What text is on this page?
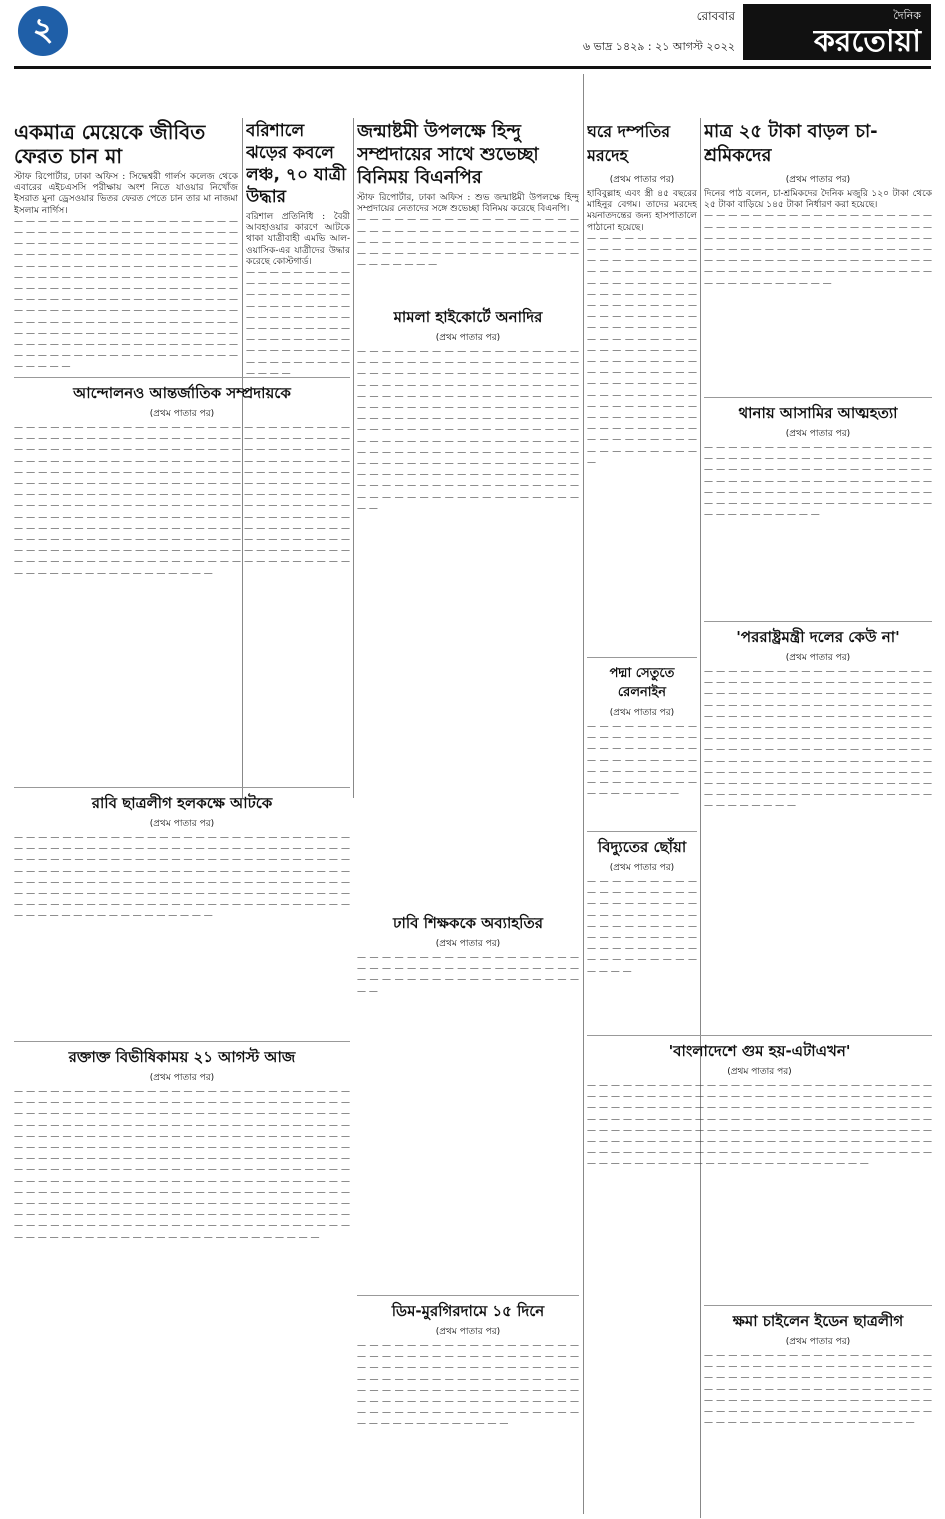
২	রোববার
৬ ভাদ্র ১৪২৯ : ২১ আগস্ট ২০২২
দৈনিক
করতোয়া
একমাত্র মেয়েকে জীবিত ফেরত চান মা

স্টাফ রিপোর্টার, ঢাকা অফিস : সিদ্ধেশ্বরী গার্লস কলেজ থেকে এবারের এইচএসসি পরীক্ষায় অংশ নিতে যাওয়ার নিখোঁজ ইসরাত মুনা ড্রেসওয়ার ভিতর ফেরত পেতে চান তার মা নাজমা ইসলাম নার্গিস।

— — — — — — — — — — — — — — — — — — — — — — — — — — — — — — — — — — — — — — — — — — — — — — — — — — — — — — — — — — — — — — — — — — — — — — — — — — — — — — — — — — — — — — — — — — — — — — — — — — — — — — — — — — — — — — — — — — — — — — — — — — — — — — — — — — — — — — — — — — — — — — — — — — — — — — — — — — — — — — — — — — — — — — — — — — — — — — — — — — — — — — — — — — — — — — — — — — — — — — — — — — — — — — — — — — — — — — — — — — — — — — — — — — — — — — — — — — — — — — — — — — — — — — — — — — — —

বরিশালে ঝড়ের কবলে লঞ্চ, ৭০ যাত্রী উদ্ধার

বরিশাল প্রতিনিধি : বৈরী আবহাওয়ার কারণে আটকে থাকা যাত্রীবাহী এমভি আল-ওয়াসিক-এর যাত্রীদের উদ্ধার করেছে কোস্টগার্ড।

— — — — — — — — — — — — — — — — — — — — — — — — — — — — — — — — — — — — — — — — — — — — — — — — — — — — — — — — — — — — — — — — — — — — — — — — — — — — — — — — — — — — —

জন্মাষ্টমী উপলক্ষে হিন্দু সম্প্রদায়ের সাথে শুভেচ্ছা বিনিময় বিএনপির

স্টাফ রিপোর্টার, ঢাকা অফিস : শুভ জন্মাষ্টমী উপলক্ষে হিন্দু সম্প্রদায়ের নেতাদের সঙ্গে শুভেচ্ছা বিনিময় করেছে বিএনপি।

— — — — — — — — — — — — — — — — — — — — — — — — — — — — — — — — — — — — — — — — — — — — — — — — — — — — — — — — — — — — — — — — — — — — — — — — — — — — — — —

মাত্র ২৫ টাকা বাড়ল চা-শ্রমিকদের
(প্রথম পাতার পর)

দিনের পাঠ বলেন, চা-শ্রমিকদের দৈনিক মজুরি ১২০ টাকা থেকে ২৫ টাকা বাড়িয়ে ১৪৫ টাকা নির্ধারণ করা হয়েছে।

— — — — — — — — — — — — — — — — — — — — — — — — — — — — — — — — — — — — — — — — — — — — — — — — — — — — — — — — — — — — — — — — — — — — — — — — — — — — — — — — — — — — — — — — — — — — — — — — — — — — — — — — — — — — — — — — — — — — — — — — — — — — —

ঘরে দম্পতির মরদেহ
(প্রথম পাতার পর)

হাবিবুল্লাহ এবং স্ত্রী ৪৫ বছরের মাহিনুর বেগম। তাদের মরদেহ ময়নাতদন্তের জন্য হাসপাতালে পাঠানো হয়েছে।

— — — — — — — — — — — — — — — — — — — — — — — — — — — — — — — — — — — — — — — — — — — — — — — — — — — — — — — — — — — — — — — — — — — — — — — — — — — — — — — — — — — — — — — — — — — — — — — — — — — — — — — — — — — — — — — — — — — — — — — — — — — — — — — — — — — — — — — — — — — — — — — — — — — — — — — — — — — — — — — — — — — — — — — — — — — — — — — — — — — — —

আন্দোলনও আন্তর্জাতিক সম্প্রদায়কে
(প্রথম পাতার পর)

— — — — — — — — — — — — — — — — — — — — — — — — — — — — — — — — — — — — — — — — — — — — — — — — — — — — — — — — — — — — — — — — — — — — — — — — — — — — — — — — — — — — — — — — — — — — — — — — — — — — — — — — — — — — — — — — — — — — — — — — — — — — — — — — — — — — — — — — — — — — — — — — — — — — — — — — — — — — — — — — — — — — — — — — — — — — — — — — — — — — — — — — — — — — — — — — — — — — — — — — — — — — — — — — — — — — — — — — — — — — — — — — — — — — — — — — — — — — — — — — — — — — — — — — — — — — — — — — — — — — — — — — — — — — — — — — — — — — — — — — — — — — — — — — — — — — — — — — — — — — — — — — — — — — — — — — — — — — — — — — — — — — — — — — — — — — — — — — — — — — — — — — — — — — — — — — — — — — — — — — — — — — — — — — — — — — — — — — — — — — —

মামলা হাইকোর্টে অনাদির
(প্রথম পাতার পর)

— — — — — — — — — — — — — — — — — — — — — — — — — — — — — — — — — — — — — — — — — — — — — — — — — — — — — — — — — — — — — — — — — — — — — — — — — — — — — — — — — — — — — — — — — — — — — — — — — — — — — — — — — — — — — — — — — — — — — — — — — — — — — — — — — — — — — — — — — — — — — — — — — — — — — — — — — — — — — — — — — — — — — — — — — — — — — — — — — — — — — — — — — — — — — — — — — — — — — — — — — — — — — — — — — — — — — — — — — — — — — — — — — — — — — — — — — — — — — — — — — — — — — — — — — — — — — —

থানায় আসামির আত্মহত্যা
(প্রথম পাতার পর)

— — — — — — — — — — — — — — — — — — — — — — — — — — — — — — — — — — — — — — — — — — — — — — — — — — — — — — — — — — — — — — — — — — — — — — — — — — — — — — — — — — — — — — — — — — — — — — — — — — — — — — — — — — — — — — — — — — — — — — — — — — — —

পদ্মা সেতুতে রেলনাইন
(প্রথম পাতার পর)

— — — — — — — — — — — — — — — — — — — — — — — — — — — — — — — — — — — — — — — — — — — — — — — — — — — — — — — — — — — — — —

'পররাষ্ট্রমন্ত্রী দলের কেউ না'
(প্রথম পাতার পর)

— — — — — — — — — — — — — — — — — — — — — — — — — — — — — — — — — — — — — — — — — — — — — — — — — — — — — — — — — — — — — — — — — — — — — — — — — — — — — — — — — — — — — — — — — — — — — — — — — — — — — — — — — — — — — — — — — — — — — — — — — — — — — — — — — — — — — — — — — — — — — — — — — — — — — — — — — — — — — — — — — — — — — — — — — — — — — — — — — — — — — — — — — — — — — — — — — — — — — — — — — — — — — — — — — — — — — — — — — — — — — — — — — — — — — — — — — — — —

বিদ্যুতের ছোঁয়া
(প্রথম পাতার পর)

— — — — — — — — — — — — — — — — — — — — — — — — — — — — — — — — — — — — — — — — — — — — — — — — — — — — — — — — — — — — — — — — — — — — — — — — — — — —

রাবি ছাত্রলীগ হলকক্ষে আটকে
(প্রথম পাতার পর)

— — — — — — — — — — — — — — — — — — — — — — — — — — — — — — — — — — — — — — — — — — — — — — — — — — — — — — — — — — — — — — — — — — — — — — — — — — — — — — — — — — — — — — — — — — — — — — — — — — — — — — — — — — — — — — — — — — — — — — — — — — — — — — — — — — — — — — — — — — — — — — — — — — — — — — — — — — — — — — — — — — — — — — — — — — — — — — — — — — — — — — — — — — — — — — — — — — — — — — — — — — — — — — — — — — — — —	ঢাবি শিক্ষককে অব্যাহতির
(প্রথম পাতার পর)

— — — — — — — — — — — — — — — — — — — — — — — — — — — — — — — — — — — — — — — — — — — — — — — — — — — — — — — —

'বাংলাদেশে গুম হয়-এটাএখন'
(প্রথম পাতার পর)

— — — — — — — — — — — — — — — — — — — — — — — — — — — — — — — — — — — — — — — — — — — — — — — — — — — — — — — — — — — — — — — — — — — — — — — — — — — — — — — — — — — — — — — — — — — — — — — — — — — — — — — — — — — — — — — — — — — — — — — — — — — — — — — — — — — — — — — — — — — — — — — — — — — — — — — — — — — — — — — — — — — — — — — — — — — — — — — — — — — — — — — — — — — — — — — — — — — — — — — — — — — — — — — — — — — — — — — — — — — — — — — — — — —

রক্তাক্ত বিভীষিকাময় ২১ আগস্ট আজ
(প্রথম পাতার পর)

— — — — — — — — — — — — — — — — — — — — — — — — — — — — — — — — — — — — — — — — — — — — — — — — — — — — — — — — — — — — — — — — — — — — — — — — — — — — — — — — — — — — — — — — — — — — — — — — — — — — — — — — — — — — — — — — — — — — — — — — — — — — — — — — — — — — — — — — — — — — — — — — — — — — — — — — — — — — — — — — — — — — — — — — — — — — — — — — — — — — — — — — — — — — — — — — — — — — — — — — — — — — — — — — — — — — — — — — — — — — — — — — — — — — — — — — — — — — — — — — — — — — — — — — — — — — — — — — — — — — — — — — — — — — — — — — — — — — — — — — — — — — — — — — — — — — — — — — — — — — — — — — — — — — — — — — — — — — — — — — — — — — — — — — — — — — — — — — — — — — — — — — — — — — — — — — — — — — — — — — — — — — — — — — — — — — — — — — — — — — — — — — — — — — — —

ডিম-মুরগিরদামে ১৫ দিনে
(প্রথম পাতার পর)

— — — — — — — — — — — — — — — — — — — — — — — — — — — — — — — — — — — — — — — — — — — — — — — — — — — — — — — — — — — — — — — — — — — — — — — — — — — — — — — — — — — — — — — — — — — — — — — — — — — — — — — — — — — — — — — — — — — — — — — — — — — — — — — — — — — — — — — — — — —

ক্ষমা চাইলেন ইডেন ছাত্রলীগ
(প্রথম পাতার পর)

— — — — — — — — — — — — — — — — — — — — — — — — — — — — — — — — — — — — — — — — — — — — — — — — — — — — — — — — — — — — — — — — — — — — — — — — — — — — — — — — — — — — — — — — — — — — — — — — — — — — — — — — — — — — — — — — — — — — — — — — — — — — — — — — — — — —
